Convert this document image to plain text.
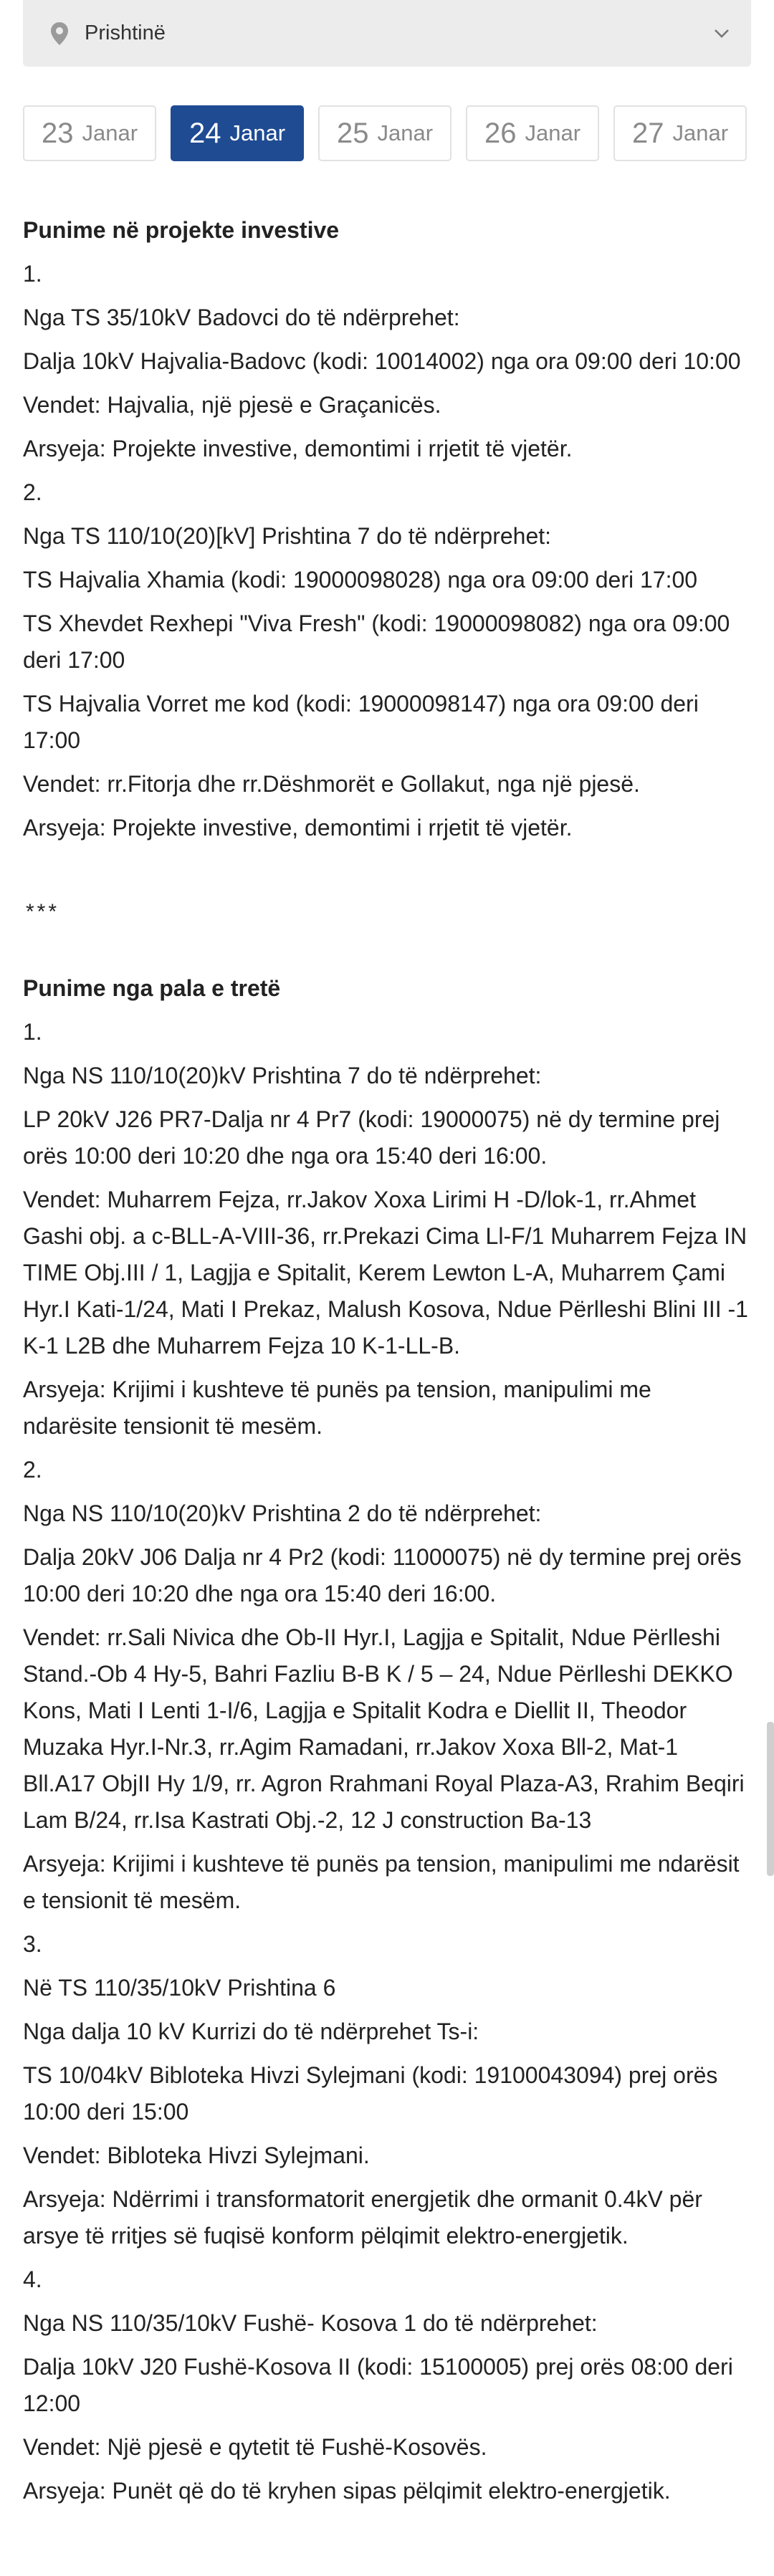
Prishtinë
23 Janar 24 Janar 25 Janar 26 Janar 27 Janar

Punime në projekte investive

1.

Nga TS 35/10kV Badovci do të ndërprehet:

Dalja 10kV Hajvalia-Badovc (kodi: 10014002) nga ora 09:00 deri 10:00

Vendet: Hajvalia, një pjesë e Graçanicës.

Arsyeja: Projekte investive, demontimi i rrjetit të vjetër.

2.

Nga TS 110/10(20)[kV] Prishtina 7 do të ndërprehet:

TS Hajvalia Xhamia (kodi: 19000098028) nga ora 09:00 deri 17:00

TS Xhevdet Rexhepi "Viva Fresh" (kodi: 19000098082) nga ora 09:00 deri 17:00

TS Hajvalia Vorret me kod (kodi: 19000098147) nga ora 09:00 deri 17:00

Vendet: rr.Fitorja dhe rr.Dëshmorët e Gollakut, nga një pjesë.

Arsyeja: Projekte investive, demontimi i rrjetit të vjetër.

***

Punime nga pala e tretë

1.

Nga NS 110/10(20)kV Prishtina 7 do të ndërprehet:

LP 20kV J26 PR7-Dalja nr 4 Pr7 (kodi: 19000075) në dy termine prej orës 10:00 deri 10:20 dhe nga ora 15:40 deri 16:00.

Vendet: Muharrem Fejza, rr.Jakov Xoxa Lirimi H -D/lok-1, rr.Ahmet Gashi obj. a c-BLL-A-VIII-36, rr.Prekazi Cima Ll-F/1 Muharrem Fejza IN TIME Obj.III / 1, Lagjja e Spitalit, Kerem Lewton L-A, Muharrem Çami Hyr.I Kati-1/24, Mati I Prekaz, Malush Kosova, Ndue Përlleshi Blini III -1 K-1 L2B dhe Muharrem Fejza 10 K-1-LL-B.

Arsyeja: Krijimi i kushteve të punës pa tension, manipulimi me ndarësite tensionit të mesëm.

2.

Nga NS 110/10(20)kV Prishtina 2 do të ndërprehet:

Dalja 20kV J06 Dalja nr 4 Pr2 (kodi: 11000075) në dy termine prej orës 10:00 deri 10:20 dhe nga ora 15:40 deri 16:00.

Vendet: rr.Sali Nivica dhe Ob-II Hyr.I, Lagjja e Spitalit, Ndue Përlleshi Stand.-Ob 4 Hy-5, Bahri Fazliu B-B K / 5 – 24, Ndue Përlleshi DEKKO Kons, Mati I Lenti 1-I/6, Lagjja e Spitalit Kodra e Diellit II, Theodor Muzaka Hyr.I-Nr.3, rr.Agim Ramadani, rr.Jakov Xoxa Bll-2, Mat-1 Bll.A17 ObjII Hy 1/9, rr. Agron Rrahmani Royal Plaza-A3, Rrahim Beqiri Lam B/24, rr.Isa Kastrati Obj.-2, 12 J construction Ba-13

Arsyeja: Krijimi i kushteve të punës pa tension, manipulimi me ndarësit e tensionit të mesëm.

3.

Në TS 110/35/10kV Prishtina 6

Nga dalja 10 kV Kurrizi do të ndërprehet Ts-i:

TS 10/04kV Bibloteka Hivzi Sylejmani (kodi: 19100043094) prej orës 10:00 deri 15:00

Vendet: Bibloteka Hivzi Sylejmani.

Arsyeja: Ndërrimi i transformatorit energjetik dhe ormanit 0.4kV për arsye të rritjes së fuqisë konform pëlqimit elektro-energjetik.

4.

Nga NS 110/35/10kV Fushë- Kosova 1 do të ndërprehet:

Dalja 10kV J20 Fushë-Kosova II (kodi: 15100005) prej orës 08:00 deri 12:00

Vendet: Një pjesë e qytetit të Fushë-Kosovës.

Arsyeja: Punët që do të kryhen sipas pëlqimit elektro-energjetik.
